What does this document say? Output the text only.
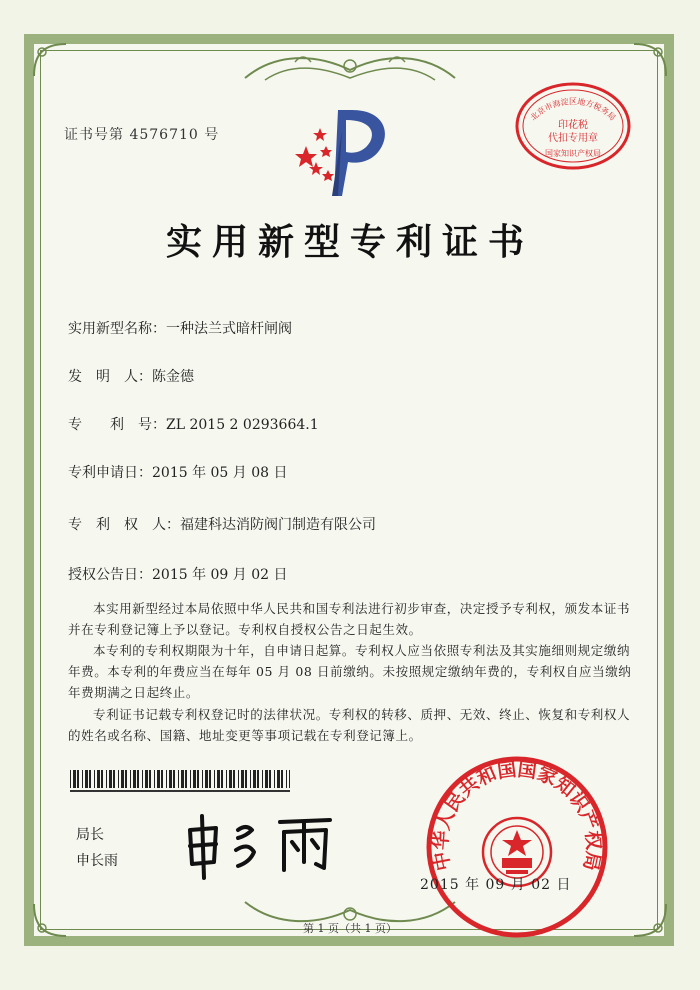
证书号第 4576710 号
北京市海淀区地方税务局
印花税
代扣专用章
国家知识产权局
实用新型专利证书
实用新型名称：一种法兰式暗杆闸阀
发　明　人：陈金德
专　　利　号：ZL 2015 2 0293664.1
专利申请日：2015 年 05 月 08 日
专　利　权　人：福建科达消防阀门制造有限公司
授权公告日：2015 年 09 月 02 日
本实用新型经过本局依照中华人民共和国专利法进行初步审查，决定授予专利权，颁发本证书并在专利登记簿上予以登记。专利权自授权公告之日起生效。
本专利的专利权期限为十年，自申请日起算。专利权人应当依照专利法及其实施细则规定缴纳年费。本专利的年费应当在每年 05 月 08 日前缴纳。未按照规定缴纳年费的，专利权自应当缴纳年费期满之日起终止。
专利证书记载专利权登记时的法律状况。专利权的转移、质押、无效、终止、恢复和专利权人的姓名或名称、国籍、地址变更等事项记载在专利登记簿上。
局长
申长雨	中华人民共和国国家知识产权局
2015 年 09 月 02 日
第 1 页（共 1 页）
